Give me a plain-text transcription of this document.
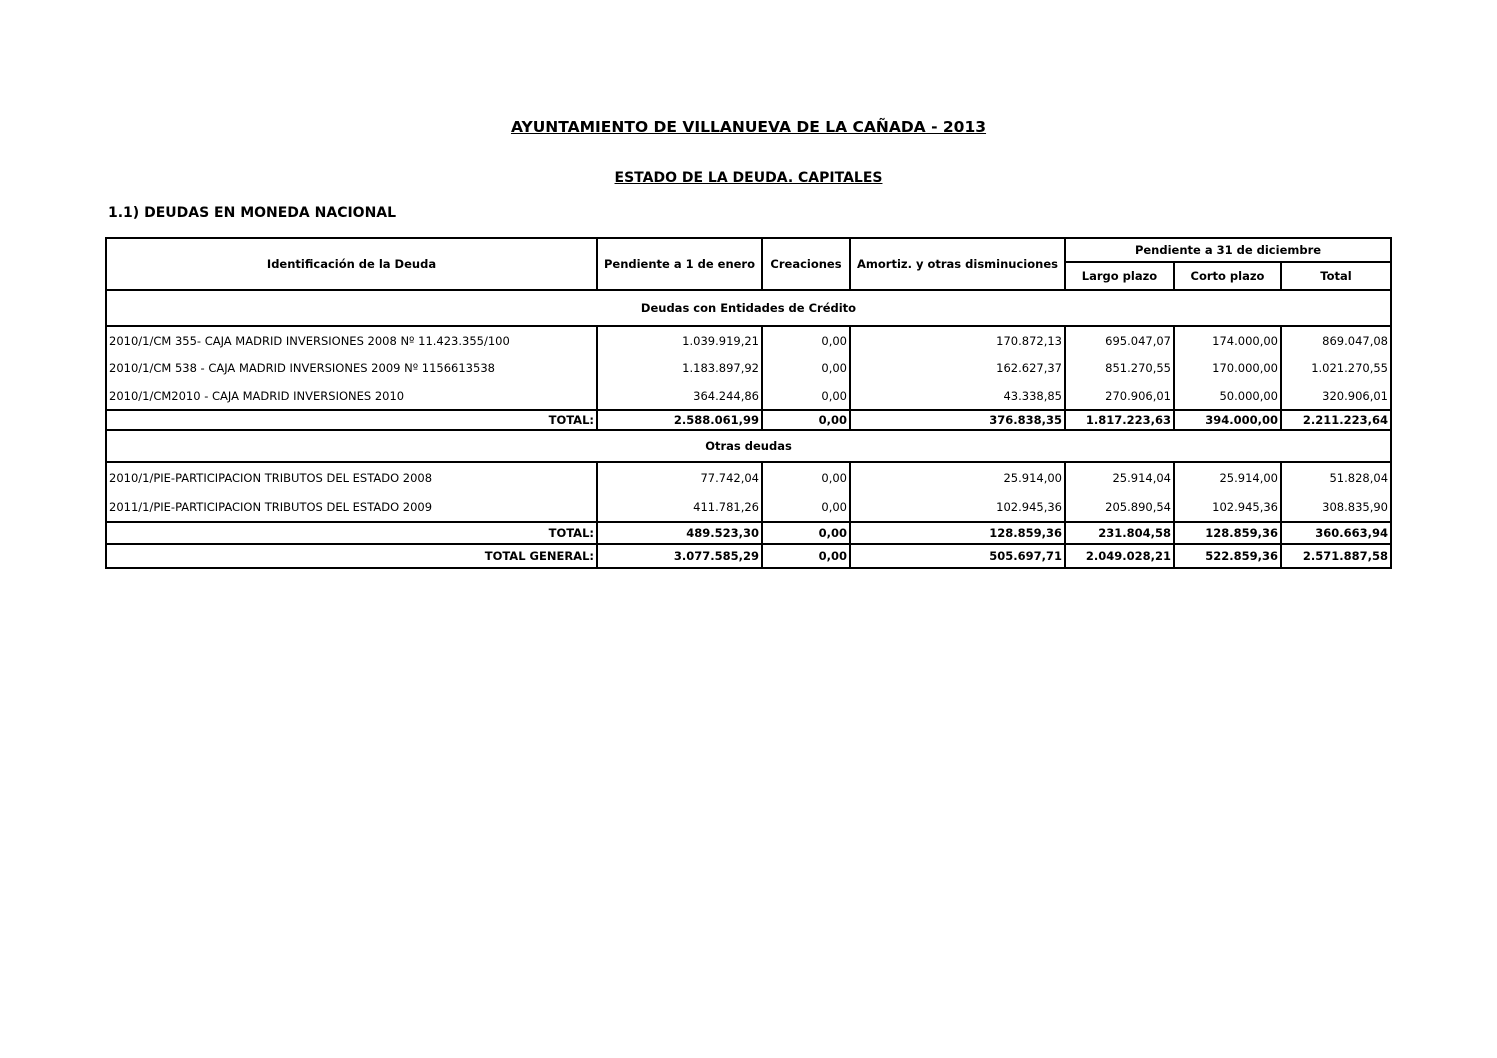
AYUNTAMIENTO DE VILLANUEVA DE LA CAÑADA - 2013
ESTADO DE LA DEUDA. CAPITALES
1.1) DEUDAS EN MONEDA NACIONAL
Identificación de la Deuda	Pendiente a 1 de enero	Creaciones	Amortiz. y otras disminuciones	Pendiente a 31 de diciembre		
				Largo plazo	Corto plazo	Total
Deudas con Entidades de Crédito						
2010/1/CM 355- CAJA MADRID INVERSIONES 2008 Nº 11.423.355/100	1.039.919,21	0,00	170.872,13	695.047,07	174.000,00	869.047,08
2010/1/CM 538 - CAJA MADRID INVERSIONES 2009 Nº 1156613538	1.183.897,92	0,00	162.627,37	851.270,55	170.000,00	1.021.270,55
2010/1/CM2010 - CAJA MADRID INVERSIONES 2010	364.244,86	0,00	43.338,85	270.906,01	50.000,00	320.906,01
TOTAL:	2.588.061,99	0,00	376.838,35	1.817.223,63	394.000,00	2.211.223,64
Otras deudas						
2010/1/PIE-PARTICIPACION TRIBUTOS DEL ESTADO 2008	77.742,04	0,00	25.914,00	25.914,04	25.914,00	51.828,04
2011/1/PIE-PARTICIPACION TRIBUTOS DEL ESTADO 2009	411.781,26	0,00	102.945,36	205.890,54	102.945,36	308.835,90
TOTAL:	489.523,30	0,00	128.859,36	231.804,58	128.859,36	360.663,94
TOTAL GENERAL:	3.077.585,29	0,00	505.697,71	2.049.028,21	522.859,36	2.571.887,58
